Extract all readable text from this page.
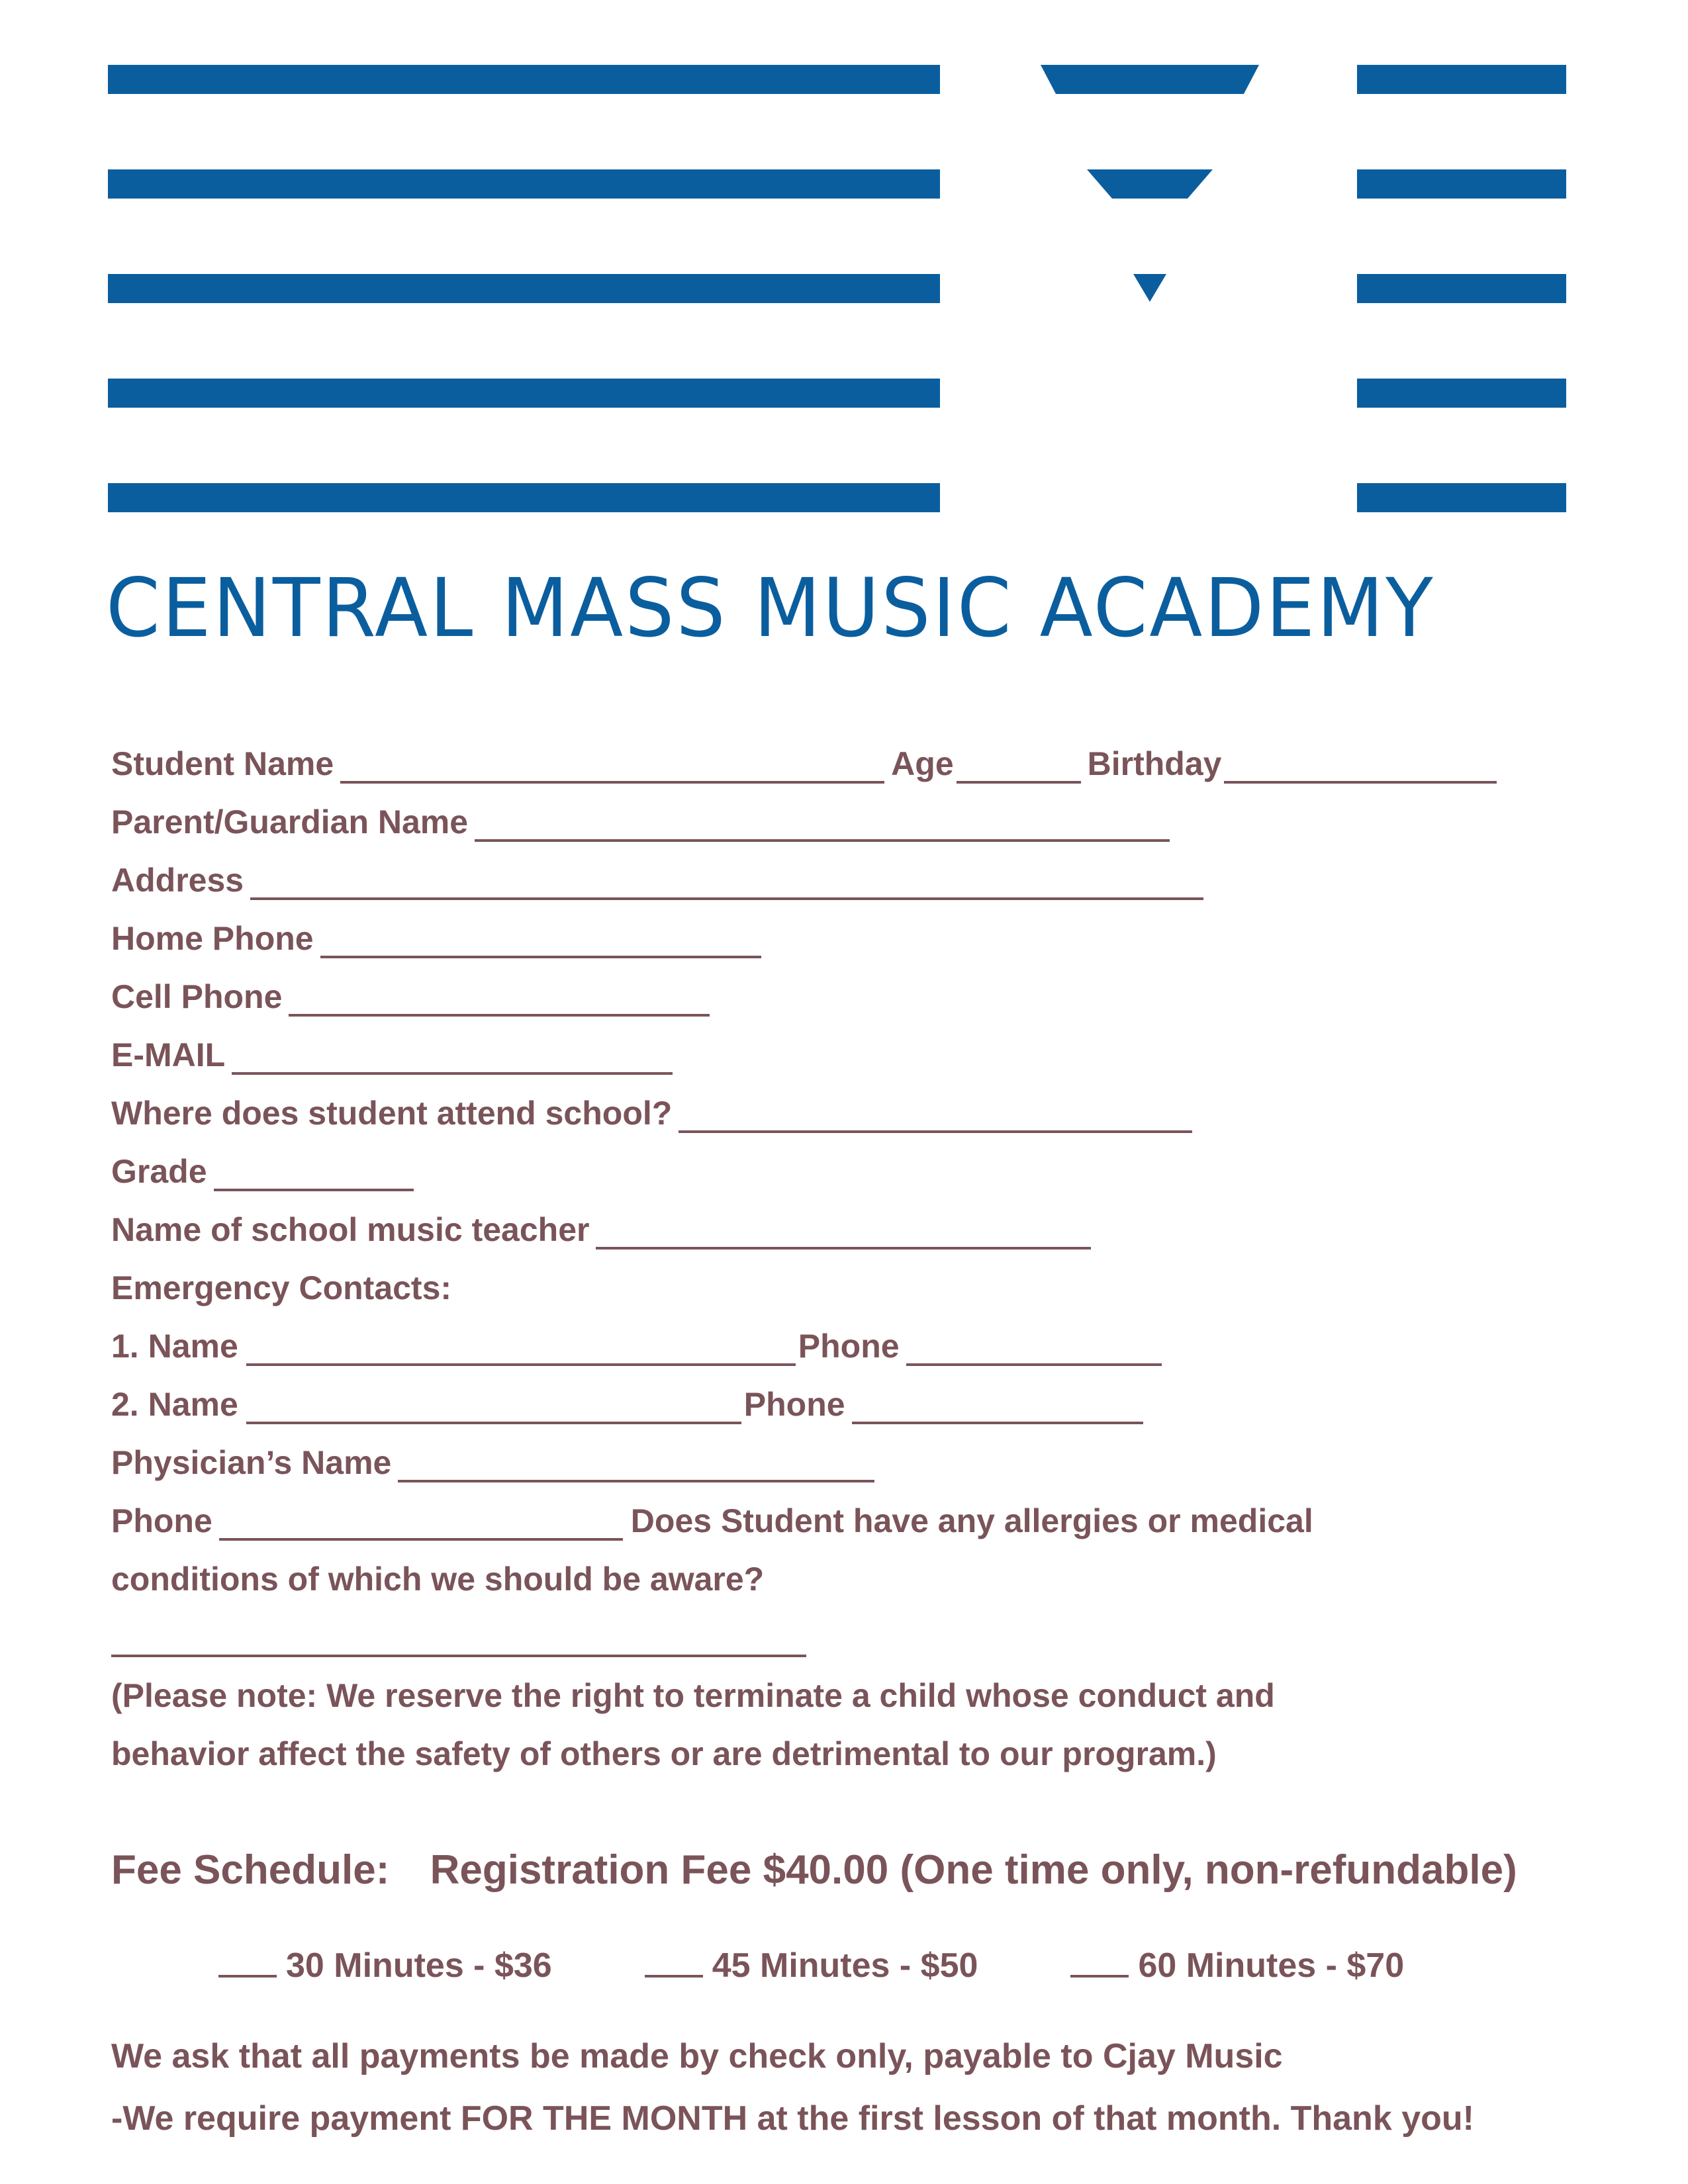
CENTRAL MASS MUSIC ACADEMY
Student Name	Age	Birthday
Parent/Guardian Name
Address
Home Phone
Cell Phone
E-MAIL
Where does student attend school?
Grade
Name of school music teacher
Emergency Contacts:
1. Name	Phone
2. Name	Phone
Physician’s Name
Phone	Does Student have any allergies or medical
conditions of which we should be aware?
(Please note: We reserve the right to terminate a child whose conduct and
behavior affect the safety of others or are detrimental to our program.)
Fee Schedule: Registration Fee $40.00 (One time only, non-refundable)
30 Minutes - $36	45 Minutes - $50	60 Minutes - $70
We ask that all payments be made by check only, payable to Cjay Music
-We require payment FOR THE MONTH at the first lesson of that month. Thank you!
